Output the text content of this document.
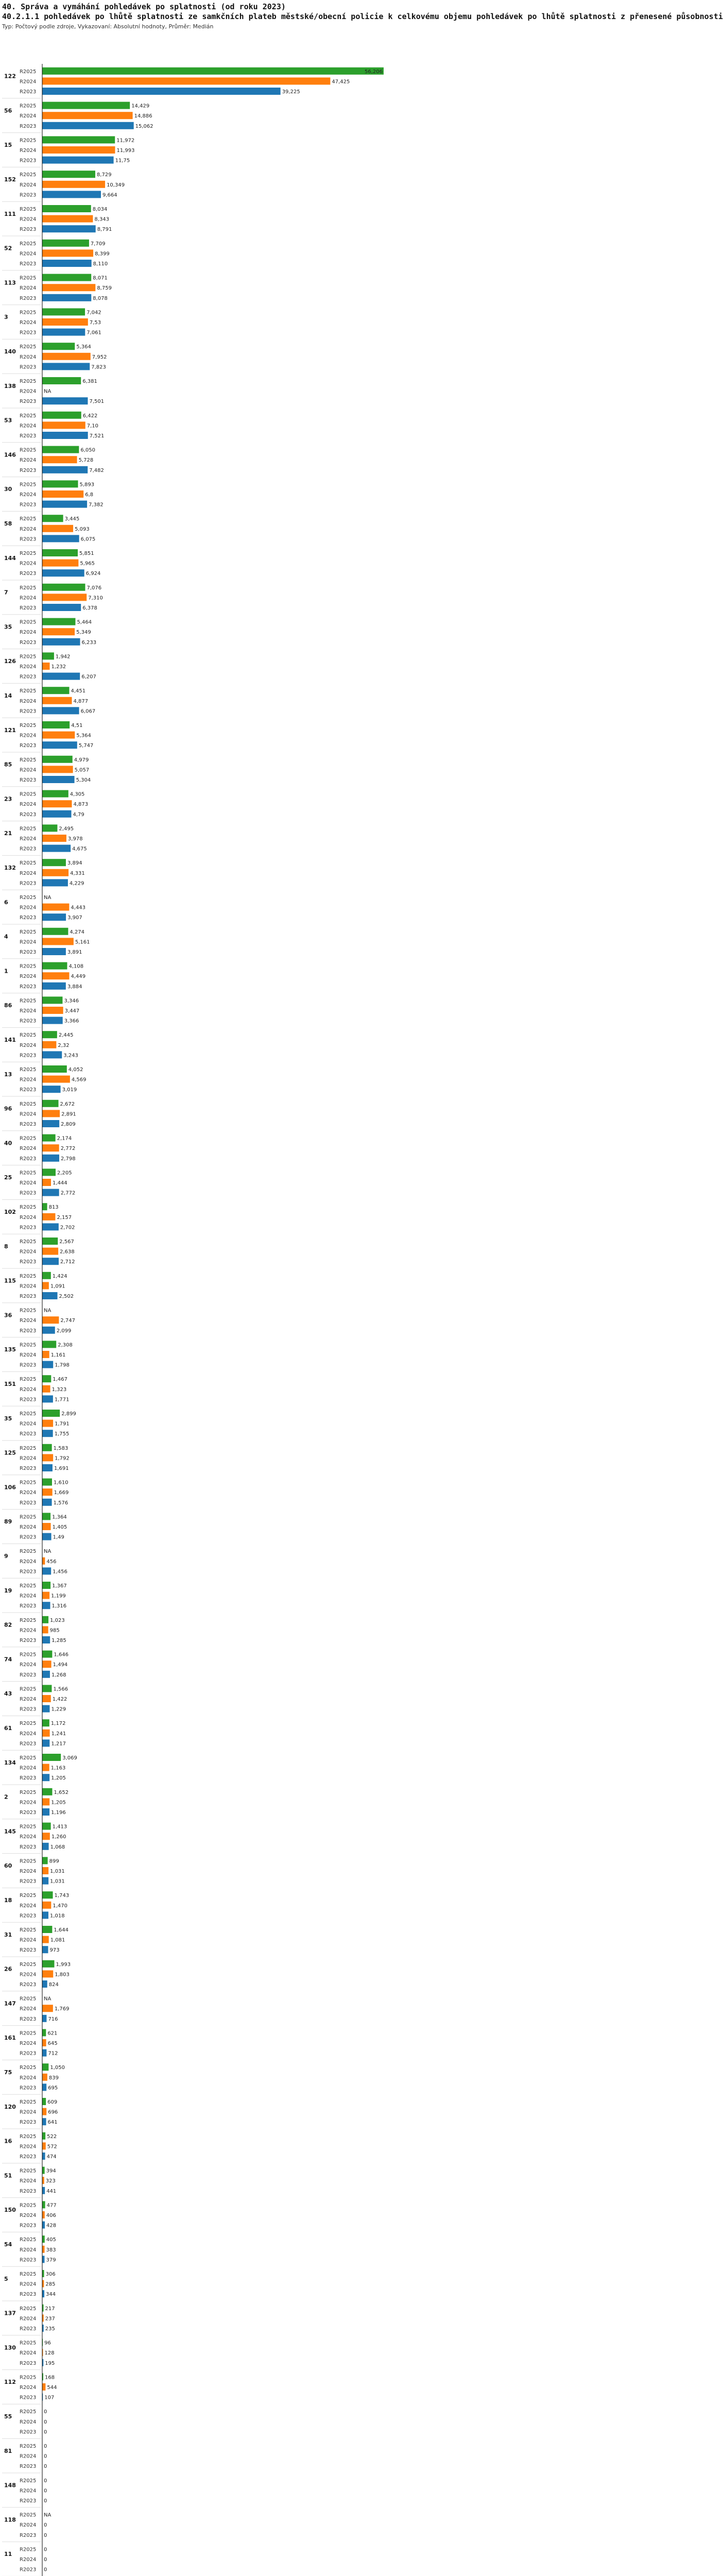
40. Správa a vymáhání pohledávek po splatnosti (od roku 2023)
40.2.1.1 pohledávek po lhůtě splatnosti ze samkčních plateb městské/obecní policie k celkovému objemu pohledávek po lhůtě splatnosti z přenesené působnosti
Typ: Počtový podle zdroje, Vykazovaní: Absolutní hodnoty, Průměr: Medián
122
R2025	56,206
R2024	47,425
R2023	39,225
56
R2025	14,429
R2024	14,886
R2023	15,062
15
R2025	11,972
R2024	11,993
R2023	11,75
152
R2025	8,729
R2024	10,349
R2023	9,664
111
R2025	8,034
R2024	8,343
R2023	8,791
52
R2025	7,709
R2024	8,399
R2023	8,110
113
R2025	8,071
R2024	8,759
R2023	8,078
3
R2025	7,042
R2024	7,53
R2023	7,061
140
R2025	5,364
R2024	7,952
R2023	7,823
138
R2025	6,381
R2024 NA
R2023	7,501
53
R2025	6,422
R2024	7,10
R2023	7,521
146
R2025	6,050
R2024	5,728
R2023	7,482
30
R2025	5,893
R2024	6,8
R2023	7,382
58
R2025	3,445
R2024	5,093
R2023	6,075
144
R2025	5,851
R2024	5,965
R2023	6,924
7
R2025	7,076
R2024	7,310
R2023	6,378
35
R2025	5,464
R2024	5,349
R2023	6,233
126
R2025	1,942
R2024	1,232
R2023	6,207
14
R2025	4,451
R2024	4,877
R2023	6,067
121
R2025	4,51
R2024	5,364
R2023	5,747
85
R2025	4,979
R2024	5,057
R2023	5,304
23
R2025	4,305
R2024	4,873
R2023	4,79
21
R2025	2,495
R2024	3,978
R2023	4,675
132
R2025	3,894
R2024	4,331
R2023	4,229
6
R2025 NA
R2024	4,443
R2023	3,907
4
R2025	4,274
R2024	5,161
R2023	3,891
1
R2025	4,108
R2024	4,449
R2023	3,884
86
R2025	3,346
R2024	3,447
R2023	3,366
141
R2025	2,445
R2024	2,32
R2023	3,243
13
R2025	4,052
R2024	4,569
R2023	3,019
96
R2025	2,672
R2024	2,891
R2023	2,809
40
R2025	2,174
R2024	2,772
R2023	2,798
25
R2025	2,205
R2024	1,444
R2023	2,772
102
R2025 813
R2024	2,157
R2023	2,702
8
R2025	2,567
R2024	2,638
R2023	2,712
115
R2025	1,424
R2024	1,091
R2023	2,502
36
R2025 NA
R2024	2,747
R2023	2,099
135
R2025	2,308
R2024	1,161
R2023	1,798
151
R2025	1,467
R2024	1,323
R2023	1,771
35
R2025	2,899
R2024	1,791
R2023	1,755
125
R2025	1,583
R2024	1,792
R2023	1,691
106
R2025	1,610
R2024	1,669
R2023	1,576
89
R2025	1,364
R2024	1,405
R2023	1,49
9
R2025 NA
R2024 456
R2023	1,456
19
R2025	1,367
R2024	1,199
R2023	1,316
82
R2025	1,023
R2024	985
R2023	1,285
74
R2025	1,646
R2024	1,494
R2023	1,268
43
R2025	1,566
R2024	1,422
R2023	1,229
61
R2025	1,172
R2024	1,241
R2023	1,217
134
R2025	3,069
R2024	1,163
R2023	1,205
2
R2025	1,652
R2024	1,205
R2023	1,196
145
R2025	1,413
R2024	1,260
R2023	1,068
60
R2025	899
R2024	1,031
R2023	1,031
18
R2025	1,743
R2024	1,470
R2023	1,018
31
R2025	1,644
R2024	1,081
R2023	973
26
R2025	1,993
R2024	1,803
R2023 824
147
R2025 NA
R2024	1,769
R2023 716
161
R2025 621
R2024 645
R2023 712
75
R2025	1,050
R2024 839
R2023 695
120
R2025 609
R2024 696
R2023 641
16
R2025 522
R2024 572
R2023 474
51
R2025 394
R2024 323
R2023 441
150
R2025 477
R2024 406
R2023 428
54
R2025 405
R2024 383
R2023 379
5
R2025 306
R2024 285
R2023 344
137
R2025 217
R2024 237
R2023 235
130
R2025 96
R2024 128
R2023 195
112
R2025 168
R2024 544
R2023 107
55
R2025 0
R2024 0
R2023 0
81
R2025 0
R2024 0
R2023 0
148
R2025 0
R2024 0
R2023 0
118
R2025 NA
R2024 0
R2023 0
11
R2025 0
R2024 0
R2023 0
